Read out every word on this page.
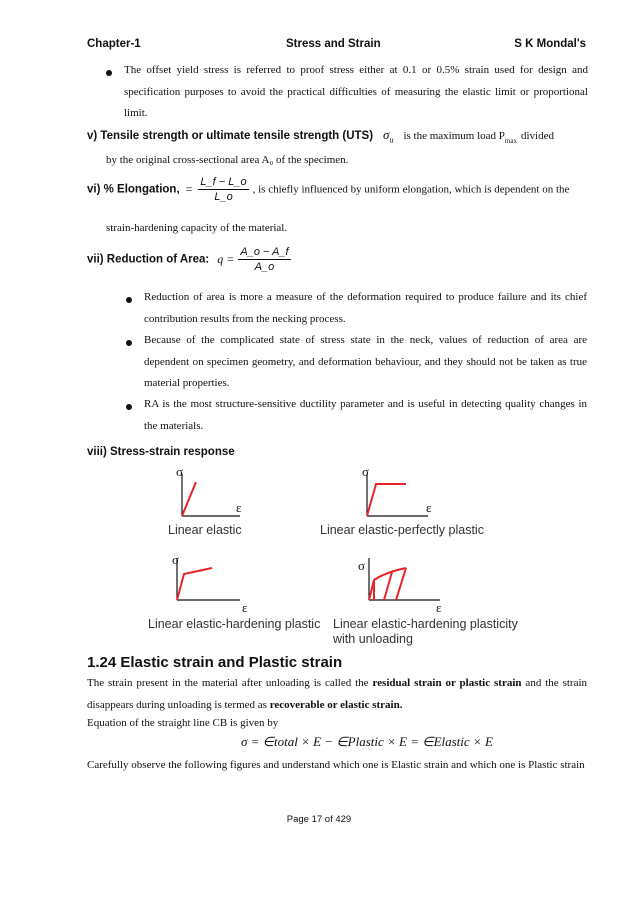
Chapter-1	Stress and Strain	S K Mondal's
The offset yield stress is referred to proof stress either at 0.1 or 0.5% strain used for design and specification purposes to avoid the practical difficulties of measuring the elastic limit or proportional limit.
v) Tensile strength or ultimate tensile strength (UTS) $\sigma_u$ is the maximum load $P_{max}$ divided
by the original cross-sectional area A₀ of the specimen.
vi) % Elongation, = $\frac{L\_f - L\_o}{L\_o}$ , is chiefly influenced by uniform elongation, which is dependent on the
strain-hardening capacity of the material.
vii) Reduction of Area: $q = \frac{A\_o - A\_f}{A\_o}$
Reduction of area is more a measure of the deformation required to produce failure and its chief contribution results from the necking process.
Because of the complicated state of stress state in the neck, values of reduction of area are dependent on specimen geometry, and deformation behaviour, and they should not be taken as true material properties.
RA is the most structure-sensitive ductility parameter and is useful in detecting quality changes in the materials.
viii) Stress-strain response
σ
ε
σ
ε
σ
ε
σ
ε
Linear elastic	Linear elastic-perfectly plastic
Linear elastic-hardening plastic Linear elastic-hardening plasticity
with unloading
1.24 Elastic strain and Plastic strain
The strain present in the material after unloading is called the residual strain or plastic strain and the strain disappears during unloading is termed as recoverable or elastic strain.
Equation of the straight line CB is given by
σ = ∈total × E − ∈Plastic × E = ∈Elastic × E
Carefully observe the following figures and understand which one is Elastic strain and which one is Plastic strain
Page 17 of 429
